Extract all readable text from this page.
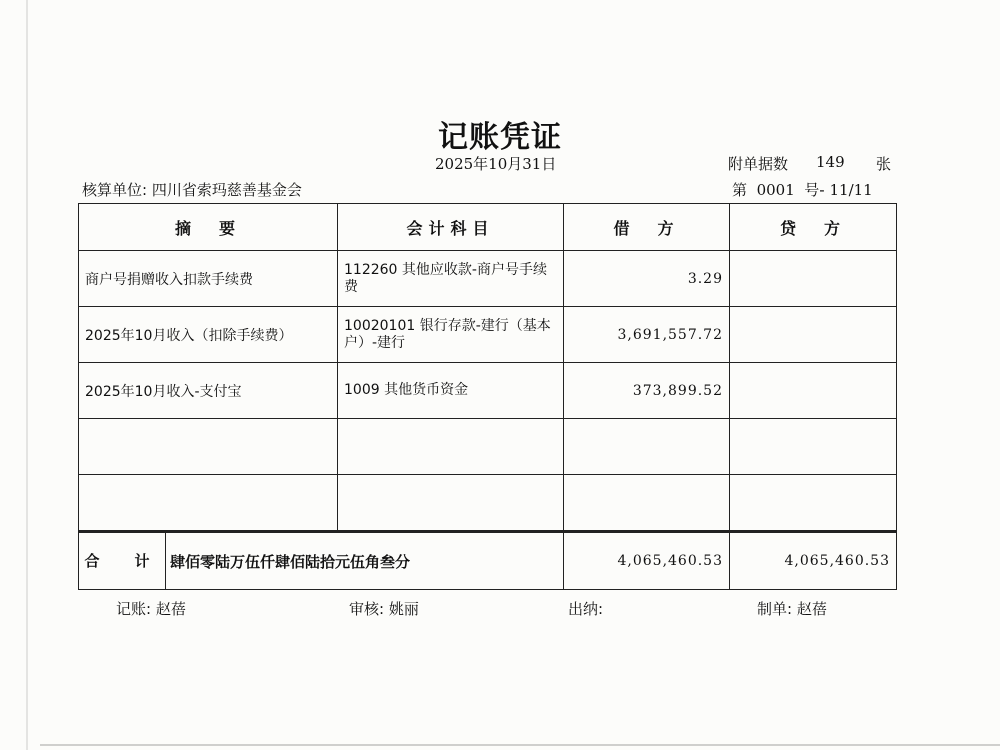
记账凭证
2025年10月31日	附单据数 149 张
核算单位: 四川省索玛慈善基金会	第 0001 号- 11/11
摘　要	会计科目	借　方	贷　方
商户号捐赠收入扣款手续费	112260 其他应收款-商户号手续费	3.29	
2025年10月收入（扣除手续费）	10020101 银行存款-建行（基本户）-建行	3,691,557.72	
2025年10月收入-支付宝	1009 其他货币资金	373,899.52	

合　计 肆佰零陆万伍仟肆佰陆拾元伍角叁分		4,065,460.53	4,065,460.53
记账: 赵蓓	审核: 姚丽	出纳:	制单: 赵蓓
